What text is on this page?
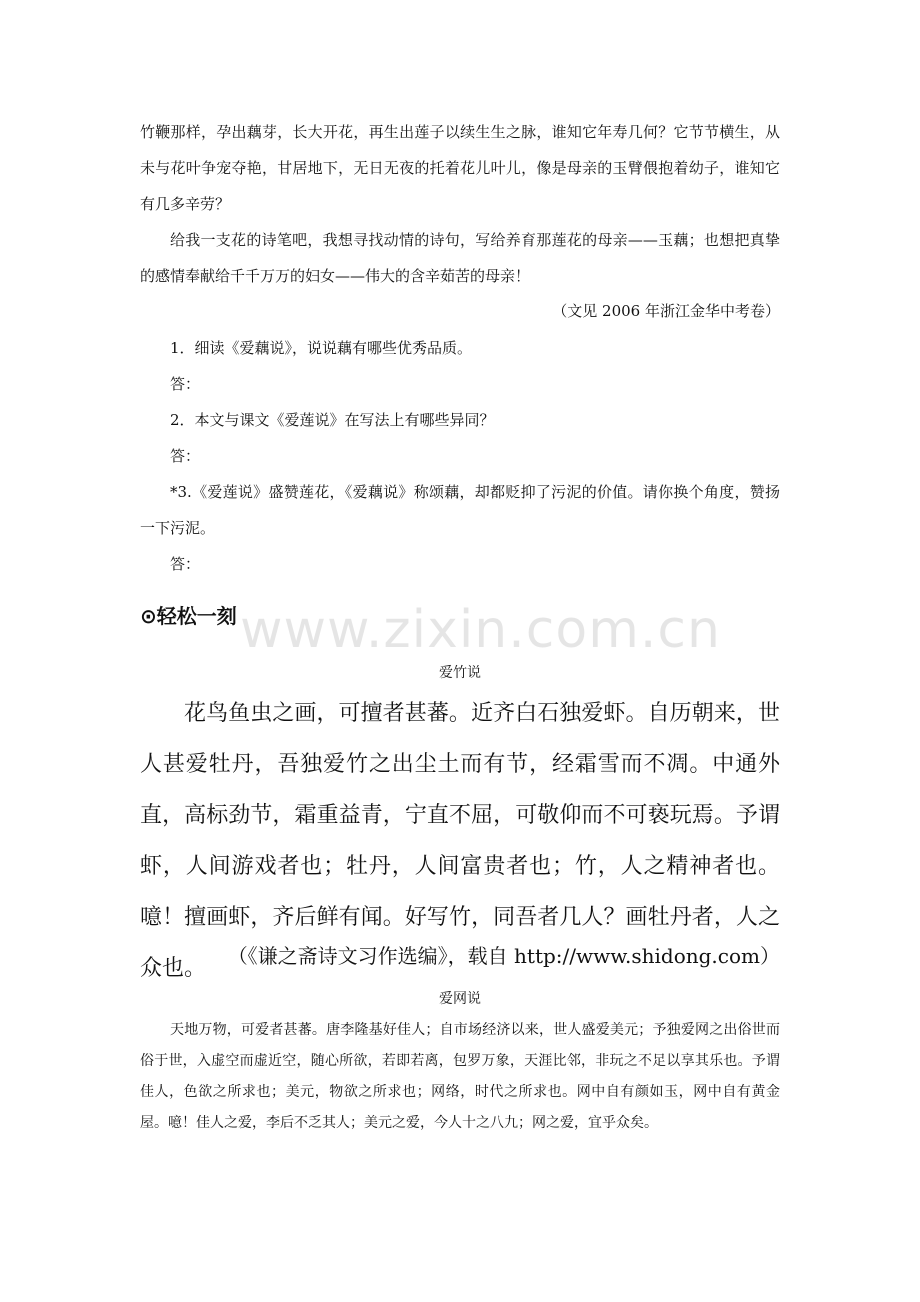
竹鞭那样，孕出藕芽，长大开花，再生出莲子以续生生之脉，谁知它年寿几何？它节节横生，从未与花叶争宠夺艳，甘居地下，无日无夜的托着花儿叶儿，像是母亲的玉臂偎抱着幼子，谁知它有几多辛劳？

给我一支花的诗笔吧，我想寻找动情的诗句，写给养育那莲花的母亲——玉藕；也想把真挚的感情奉献给千千万万的妇女——伟大的含辛茹苦的母亲！

（文见 2006 年浙江金华中考卷）

1．细读《爱藕说》，说说藕有哪些优秀品质。

答：

2．本文与课文《爱莲说》在写法上有哪些异同？

答：

*3.《爱莲说》盛赞莲花，《爱藕说》称颂藕，却都贬抑了污泥的价值。请你换个角度，赞扬一下污泥。

答：

www.zixin.com.cn
⊙轻松一刻

爱竹说

花鸟鱼虫之画，可擅者甚蕃。近齐白石独爱虾。自历朝来，世人甚爱牡丹，吾独爱竹之出尘土而有节，经霜雪而不凋。中通外直，高标劲节，霜重益青，宁直不屈，可敬仰而不可亵玩焉。予谓虾，人间游戏者也；牡丹，人间富贵者也；竹，人之精神者也。噫！擅画虾，齐后鲜有闻。好写竹，同吾者几人？画牡丹者，人之众也。	（《谦之斋诗文习作选编》，载自 http://www.shidong.com）

爱网说

天地万物，可爱者甚蕃。唐李隆基好佳人；自市场经济以来，世人盛爱美元；予独爱网之出俗世而俗于世，入虚空而虚近空，随心所欲，若即若离，包罗万象，天涯比邻，非玩之不足以享其乐也。予谓佳人，色欲之所求也；美元，物欲之所求也；网络，时代之所求也。网中自有颜如玉，网中自有黄金屋。噫！佳人之爱，李后不乏其人；美元之爱，今人十之八九；网之爱，宜乎众矣。
